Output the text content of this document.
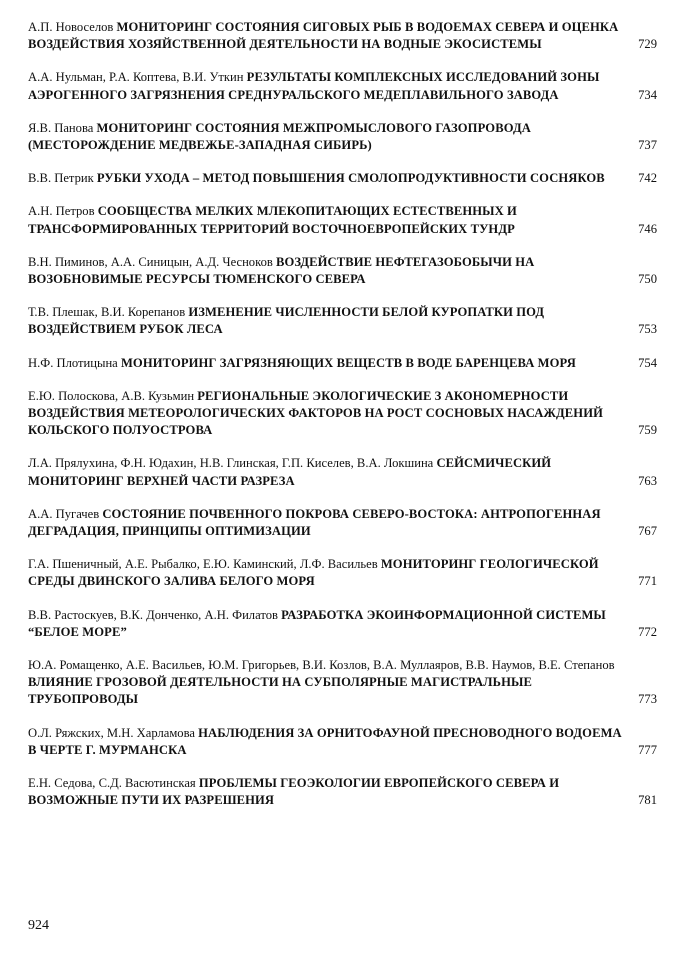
А.П. Новоселов МОНИТОРИНГ СОСТОЯНИЯ СИГОВЫХ РЫБ В ВОДОЕМАХ СЕВЕРА И ОЦЕНКА ВОЗДЕЙСТВИЯ ХОЗЯЙСТВЕННОЙ ДЕЯТЕЛЬНОСТИ НА ВОДНЫЕ ЭКОСИСТЕМЫ	729
А.А. Нульман, Р.А. Коптева, В.И. Уткин РЕЗУЛЬТАТЫ КОМПЛЕКСНЫХ ИССЛЕДОВАНИЙ ЗОНЫ АЭРОГЕННОГО ЗАГРЯЗНЕНИЯ СРЕДНУРАЛЬСКОГО МЕДЕПЛАВИЛЬНОГО ЗАВОДА	734
Я.В. Панова МОНИТОРИНГ СОСТОЯНИЯ МЕЖПРОМЫСЛОВОГО ГАЗОПРОВОДА (МЕСТОРОЖДЕНИЕ МЕДВЕЖЬЕ-ЗАПАДНАЯ СИБИРЬ)	737
В.В. Петрик РУБКИ УХОДА – МЕТОД ПОВЫШЕНИЯ СМОЛОПРОДУКТИВНОСТИ СОСНЯКОВ	742
А.Н. Петров СООБЩЕСТВА МЕЛКИХ МЛЕКОПИТАЮЩИХ ЕСТЕСТВЕННЫХ И ТРАНСФОРМИРОВАННЫХ ТЕРРИТОРИЙ ВОСТОЧНОЕВРОПЕЙСКИХ ТУНДР	746
В.Н. Пиминов, А.А. Синицын, А.Д. Чесноков ВОЗДЕЙСТВИЕ НЕФТЕГАЗОБОБЫЧИ НА ВОЗОБНОВИМЫЕ РЕСУРСЫ ТЮМЕНСКОГО СЕВЕРА	750
Т.В. Плешак, В.И. Корепанов ИЗМЕНЕНИЕ ЧИСЛЕННОСТИ БЕЛОЙ КУРОПАТКИ ПОД ВОЗДЕЙСТВИЕМ РУБОК ЛЕСА	753
Н.Ф. Плотицына МОНИТОРИНГ ЗАГРЯЗНЯЮЩИХ ВЕЩЕСТВ В ВОДЕ БАРЕНЦЕВА МОРЯ	754
Е.Ю. Полоскова, А.В. Кузьмин РЕГИОНАЛЬНЫЕ ЭКОЛОГИЧЕСКИЕ З АКОНОМЕРНОСТИ ВОЗДЕЙСТВИЯ МЕТЕОРОЛОГИЧЕСКИХ ФАКТОРОВ НА РОСТ СОСНОВЫХ НАСАЖДЕНИЙ КОЛЬСКОГО ПОЛУОСТРОВА	759
Л.А. Прялухина, Ф.Н. Юдахин, Н.В. Глинская, Г.П. Киселев, В.А. Локшина СЕЙСМИЧЕСКИЙ МОНИТОРИНГ ВЕРХНЕЙ ЧАСТИ РАЗРЕЗА	763
А.А. Пугачев СОСТОЯНИЕ ПОЧВЕННОГО ПОКРОВА СЕВЕРО-ВОСТОКА: АНТРОПОГЕННАЯ ДЕГРАДАЦИЯ, ПРИНЦИПЫ ОПТИМИЗАЦИИ	767
Г.А. Пшеничный, А.Е. Рыбалко, Е.Ю. Каминский, Л.Ф. Васильев МОНИТОРИНГ ГЕОЛОГИЧЕСКОЙ СРЕДЫ ДВИНСКОГО ЗАЛИВА БЕЛОГО МОРЯ	771
В.В. Растоскуев, В.К. Донченко, А.Н. Филатов РАЗРАБОТКА ЭКОИНФОРМАЦИОННОЙ СИСТЕМЫ “БЕЛОЕ МОРЕ”	772
Ю.А. Ромащенко, А.Е. Васильев, Ю.М. Григорьев, В.И. Козлов, В.А. Муллаяров, В.В. Наумов, В.Е. Степанов ВЛИЯНИЕ ГРОЗОВОЙ ДЕЯТЕЛЬНОСТИ НА СУБПОЛЯРНЫЕ МАГИСТРАЛЬНЫЕ ТРУБОПРОВОДЫ	773
О.Л. Ряжских, М.Н. Харламова НАБЛЮДЕНИЯ ЗА ОРНИТОФАУНОЙ ПРЕСНОВОДНОГО ВОДОЕМА В ЧЕРТЕ Г. МУРМАНСКА	777
Е.Н. Седова, С.Д. Васютинская ПРОБЛЕМЫ ГЕОЭКОЛОГИИ ЕВРОПЕЙСКОГО СЕВЕРА И ВОЗМОЖНЫЕ ПУТИ ИХ РАЗРЕШЕНИЯ	781
924
